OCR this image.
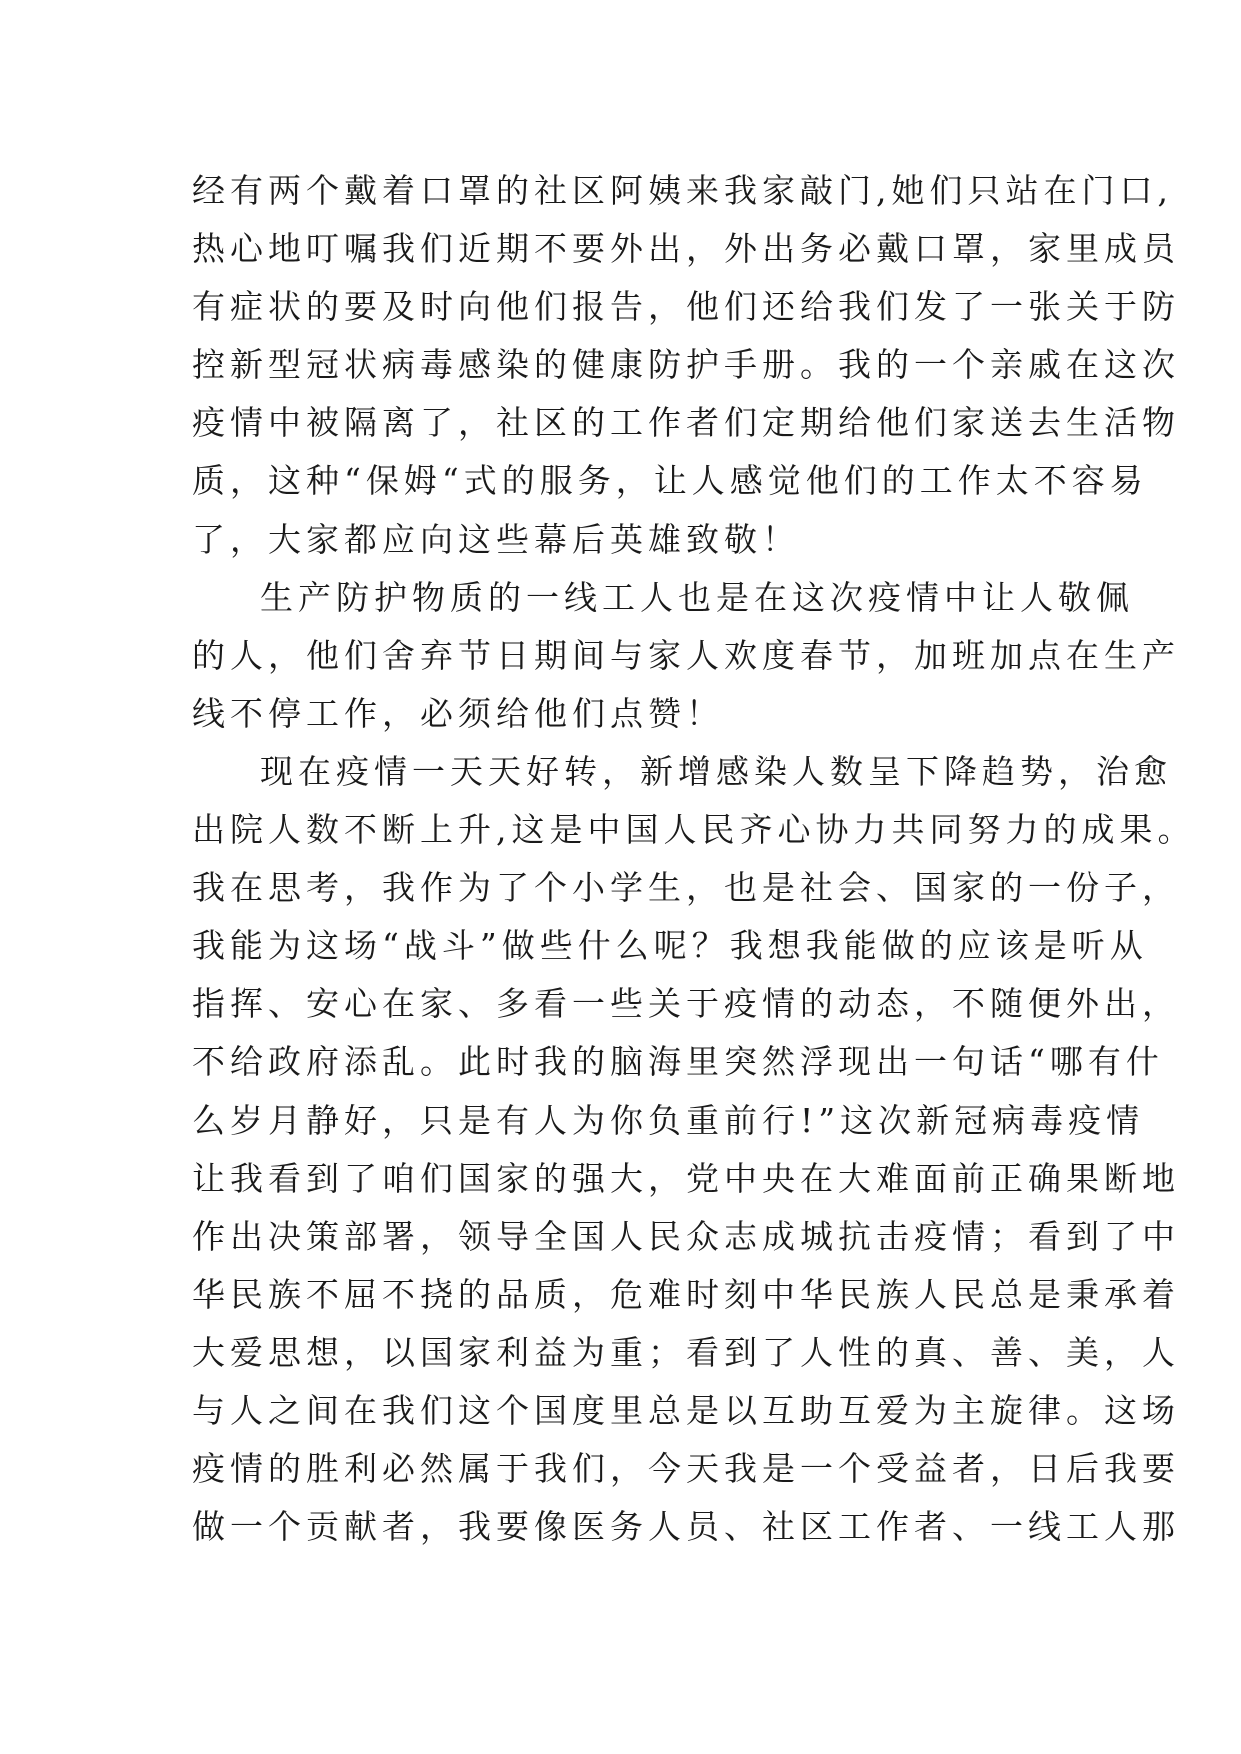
经有两个戴着口罩的社区阿姨来我家敲门,她们只站在门口,
热心地叮嘱我们近期不要外出，外出务必戴口罩，家里成员
有症状的要及时向他们报告，他们还给我们发了一张关于防
控新型冠状病毒感染的健康防护手册。我的一个亲戚在这次
疫情中被隔离了，社区的工作者们定期给他们家送去生活物
质，这种“保姆“式的服务，让人感觉他们的工作太不容易
了，大家都应向这些幕后英雄致敬！
生产防护物质的一线工人也是在这次疫情中让人敬佩
的人，他们舍弃节日期间与家人欢度春节，加班加点在生产
线不停工作，必须给他们点赞！
现在疫情一天天好转，新增感染人数呈下降趋势，治愈
出院人数不断上升,这是中国人民齐心协力共同努力的成果。
我在思考，我作为了个小学生，也是社会、国家的一份子，
我能为这场“战斗”做些什么呢？我想我能做的应该是听从
指挥、安心在家、多看一些关于疫情的动态，不随便外出，
不给政府添乱。此时我的脑海里突然浮现出一句话“哪有什
么岁月静好，只是有人为你负重前行!”这次新冠病毒疫情
让我看到了咱们国家的强大，党中央在大难面前正确果断地
作出决策部署，领导全国人民众志成城抗击疫情；看到了中
华民族不屈不挠的品质，危难时刻中华民族人民总是秉承着
大爱思想，以国家利益为重；看到了人性的真、善、美，人
与人之间在我们这个国度里总是以互助互爱为主旋律。这场
疫情的胜利必然属于我们，今天我是一个受益者，日后我要
做一个贡献者，我要像医务人员、社区工作者、一线工人那
